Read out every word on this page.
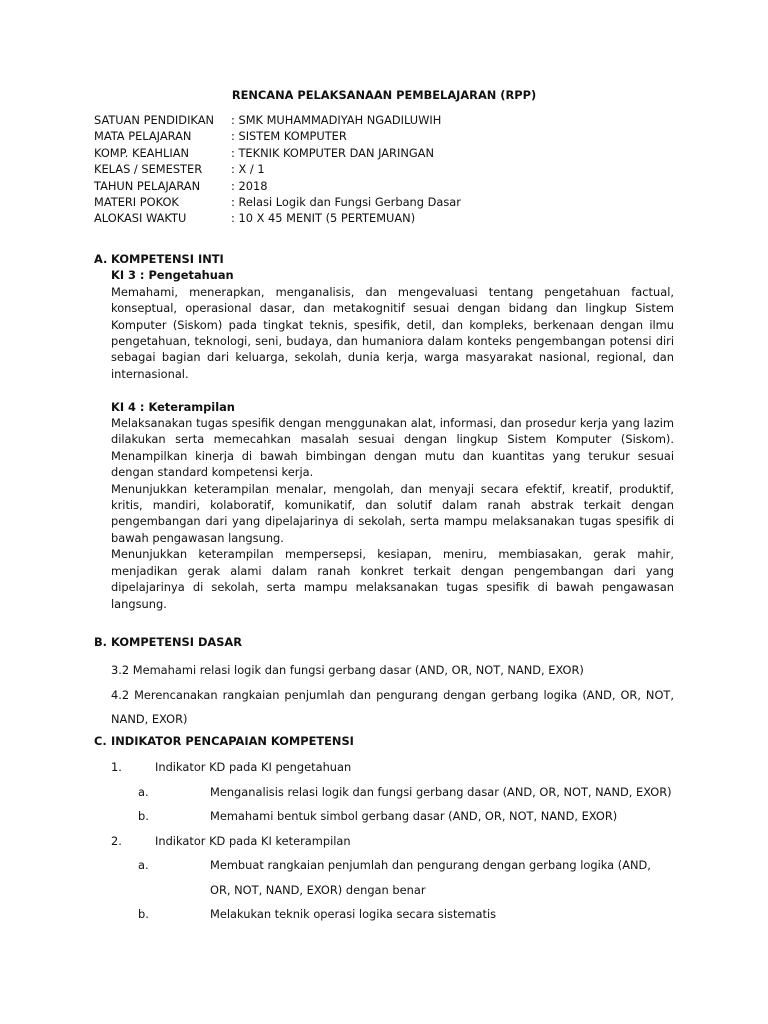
RENCANA PELAKSANAAN PEMBELAJARAN (RPP)
SATUAN PENDIDIKAN	: SMK MUHAMMADIYAH NGADILUWIH
MATA PELAJARAN	: SISTEM KOMPUTER
KOMP. KEAHLIAN	: TEKNIK KOMPUTER DAN JARINGAN
KELAS / SEMESTER	: X / 1
TAHUN PELAJARAN	: 2018
MATERI POKOK	: Relasi Logik dan Fungsi Gerbang Dasar
ALOKASI WAKTU	: 10 X 45 MENIT (5 PERTEMUAN)
A. KOMPETENSI INTI
KI 3 : Pengetahuan
Memahami, menerapkan, menganalisis, dan mengevaluasi tentang pengetahuan factual, konseptual, operasional dasar, dan metakognitif sesuai dengan bidang dan lingkup Sistem Komputer (Siskom) pada tingkat teknis, spesifik, detil, dan kompleks, berkenaan dengan ilmu pengetahuan, teknologi, seni, budaya, dan humaniora dalam konteks pengembangan potensi diri sebagai bagian dari keluarga, sekolah, dunia kerja, warga masyarakat nasional, regional, dan internasional.
KI 4 : Keterampilan
Melaksanakan tugas spesifik dengan menggunakan alat, informasi, dan prosedur kerja yang lazim dilakukan serta memecahkan masalah sesuai dengan lingkup Sistem Komputer (Siskom). Menampilkan kinerja di bawah bimbingan dengan mutu dan kuantitas yang terukur sesuai dengan standard kompetensi kerja.
Menunjukkan keterampilan menalar, mengolah, dan menyaji secara efektif, kreatif, produktif, kritis, mandiri, kolaboratif, komunikatif, dan solutif dalam ranah abstrak terkait dengan pengembangan dari yang dipelajarinya di sekolah, serta mampu melaksanakan tugas spesifik di bawah pengawasan langsung.
Menunjukkan keterampilan mempersepsi, kesiapan, meniru, membiasakan, gerak mahir, menjadikan gerak alami dalam ranah konkret terkait dengan pengembangan dari yang dipelajarinya di sekolah, serta mampu melaksanakan tugas spesifik di bawah pengawasan langsung.
B. KOMPETENSI DASAR
3.2 Memahami relasi logik dan fungsi gerbang dasar (AND, OR, NOT, NAND, EXOR)
4.2 Merencanakan rangkaian penjumlah dan pengurang dengan gerbang logika (AND, OR, NOT, NAND, EXOR)
C. INDIKATOR PENCAPAIAN KOMPETENSI
1.	Indikator KD pada KI pengetahuan
a.	Menganalisis relasi logik dan fungsi gerbang dasar (AND, OR, NOT, NAND, EXOR)
b.	Memahami bentuk simbol gerbang dasar (AND, OR, NOT, NAND, EXOR)
2.	Indikator KD pada KI keterampilan
a.	Membuat rangkaian penjumlah dan pengurang dengan gerbang logika (AND, OR, NOT, NAND, EXOR) dengan benar
b.	Melakukan teknik operasi logika secara sistematis
